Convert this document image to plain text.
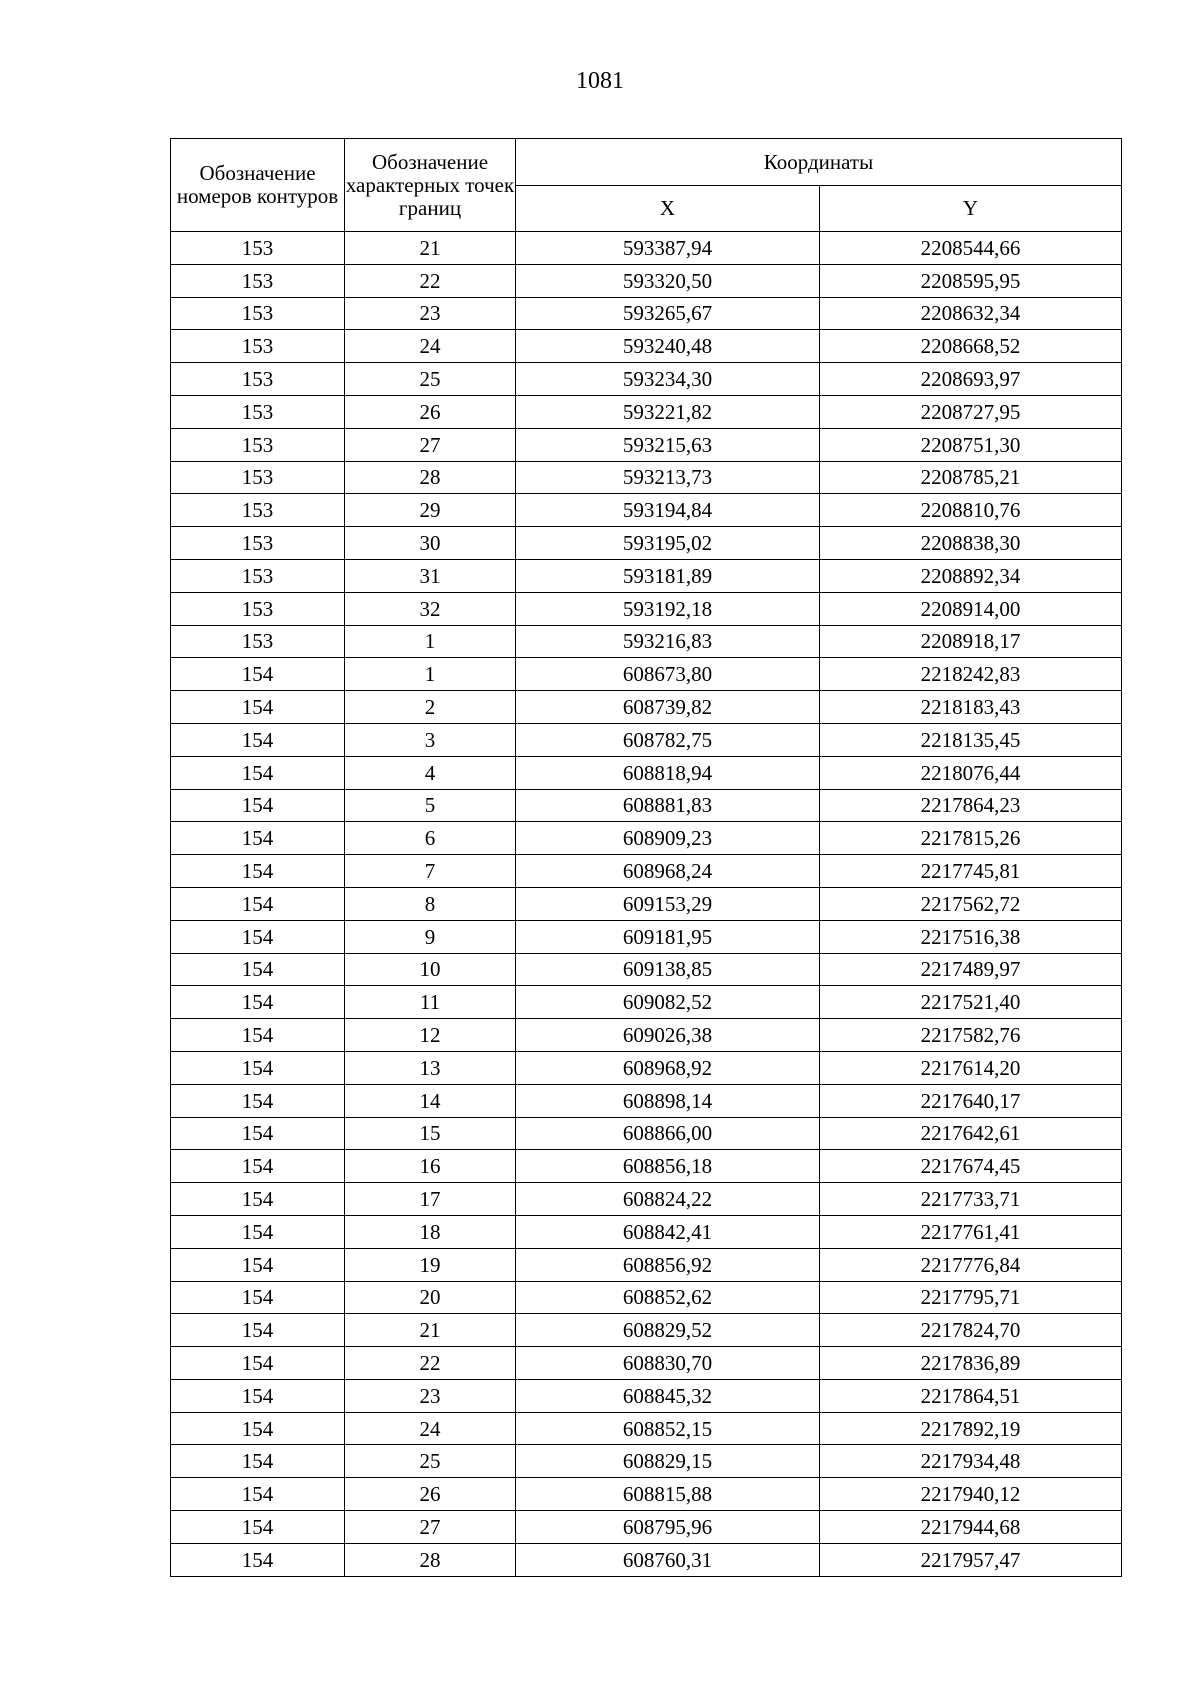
1081
Обозначение номеров контуров	Обозначение характерных точек границ	Координаты	
		X	Y
153	21	593387,94	2208544,66
153	22	593320,50	2208595,95
153	23	593265,67	2208632,34
153	24	593240,48	2208668,52
153	25	593234,30	2208693,97
153	26	593221,82	2208727,95
153	27	593215,63	2208751,30
153	28	593213,73	2208785,21
153	29	593194,84	2208810,76
153	30	593195,02	2208838,30
153	31	593181,89	2208892,34
153	32	593192,18	2208914,00
153	1	593216,83	2208918,17
154	1	608673,80	2218242,83
154	2	608739,82	2218183,43
154	3	608782,75	2218135,45
154	4	608818,94	2218076,44
154	5	608881,83	2217864,23
154	6	608909,23	2217815,26
154	7	608968,24	2217745,81
154	8	609153,29	2217562,72
154	9	609181,95	2217516,38
154	10	609138,85	2217489,97
154	11	609082,52	2217521,40
154	12	609026,38	2217582,76
154	13	608968,92	2217614,20
154	14	608898,14	2217640,17
154	15	608866,00	2217642,61
154	16	608856,18	2217674,45
154	17	608824,22	2217733,71
154	18	608842,41	2217761,41
154	19	608856,92	2217776,84
154	20	608852,62	2217795,71
154	21	608829,52	2217824,70
154	22	608830,70	2217836,89
154	23	608845,32	2217864,51
154	24	608852,15	2217892,19
154	25	608829,15	2217934,48
154	26	608815,88	2217940,12
154	27	608795,96	2217944,68
154	28	608760,31	2217957,47
